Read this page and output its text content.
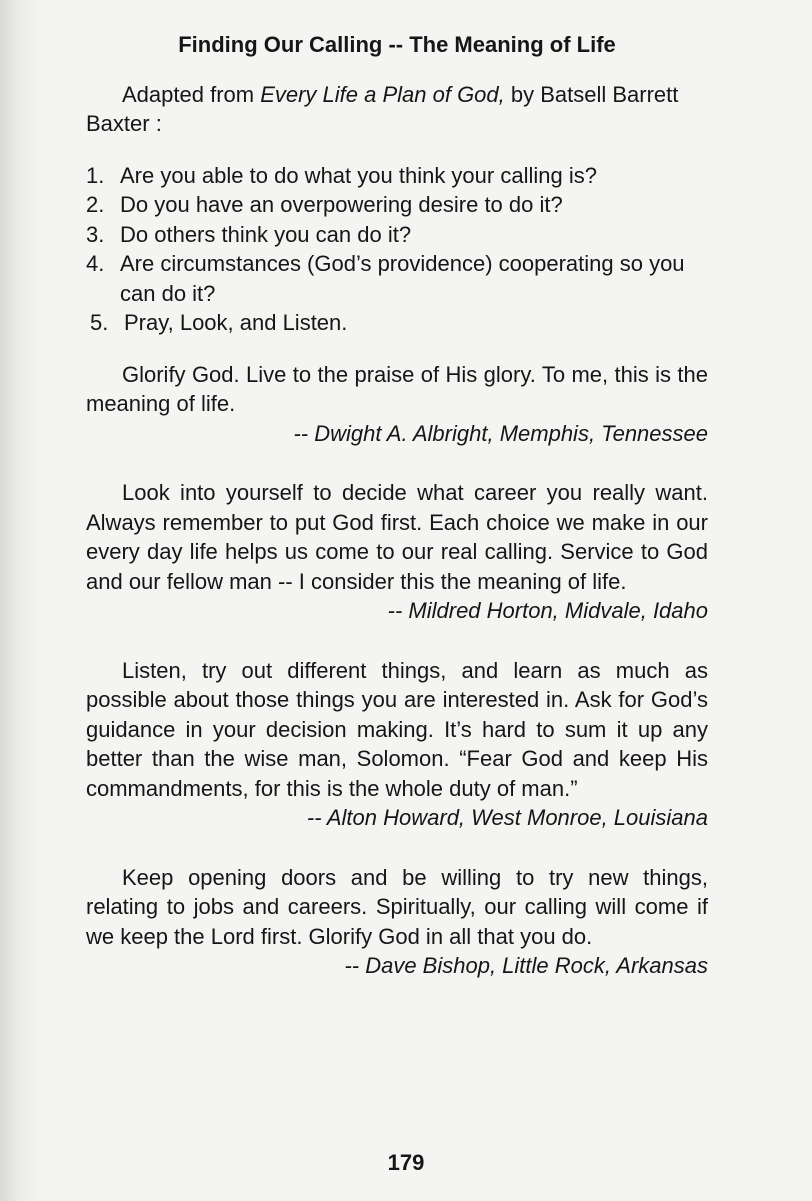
Finding Our Calling -- The Meaning of Life

Adapted from Every Life a Plan of God, by Batsell Barrett Baxter :

1. Are you able to do what you think your calling is?
2. Do you have an overpowering desire to do it?
3. Do others think you can do it?
4. Are circumstances (God’s providence) cooperating so you can do it?
5. Pray, Look, and Listen.

Glorify God. Live to the praise of His glory. To me, this is the meaning of life.

-- Dwight A. Albright, Memphis, Tennessee

Look into yourself to decide what career you really want. Always remember to put God first. Each choice we make in our every day life helps us come to our real calling. Service to God and our fellow man -- I consider this the meaning of life.

-- Mildred Horton, Midvale, Idaho

Listen, try out different things, and learn as much as possible about those things you are interested in. Ask for God’s guidance in your decision making. It’s hard to sum it up any better than the wise man, Solomon. “Fear God and keep His commandments, for this is the whole duty of man.”

-- Alton Howard, West Monroe, Louisiana

Keep opening doors and be willing to try new things, relating to jobs and careers. Spiritually, our calling will come if we keep the Lord first. Glorify God in all that you do.

-- Dave Bishop, Little Rock, Arkansas

179
